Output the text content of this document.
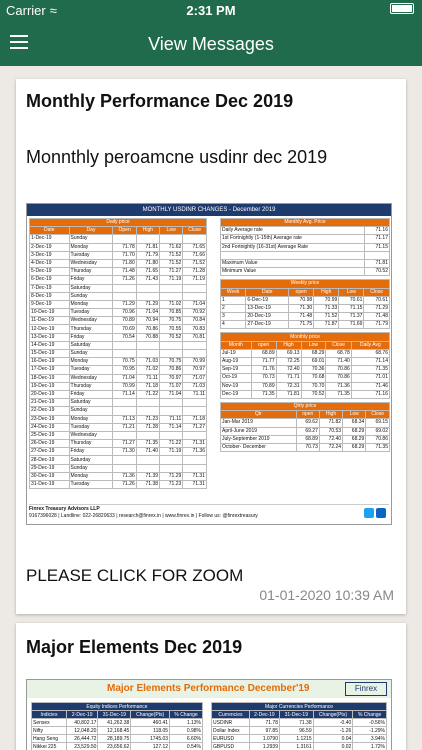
Carrier ≈	2:31 PM
View Messages
Monthly Performance Dec 2019
Monnthly peroamcne usdinr dec 2019
MONTHLY USDINR CHANGES - December 2019
Daily price					
Date	Day	Open	High	Low	Close
1-Dec-19	Sunday				
2-Dec-19	Monday	71.78	71.81	71.62	71.65
3-Dec-19	Tuesday	71.70	71.79	71.52	71.66
4-Dec-19	Wednesday	71.80	71.80	71.52	71.52
5-Dec-19	Thursday	71.48	71.65	71.27	71.28
6-Dec-19	Friday	71.26	71.43	71.19	71.19
7-Dec-19	Saturday				
8-Dec-19	Sunday				
9-Dec-19	Monday	71.29	71.29	71.02	71.04
10-Dec-19	Tuesday	70.96	71.04	70.85	70.92
11-Dec-19	Wednesday	70.89	70.94	70.75	70.84
12-Dec-19	Thursday	70.69	70.86	70.55	70.83
13-Dec-19	Friday	70.54	70.88	70.52	70.81
14-Dec-19	Saturday				
15-Dec-19	Sunday				
16-Dec-19	Monday	70.75	71.03	70.75	70.99
17-Dec-19	Tuesday	70.95	71.02	70.86	70.97
18-Dec-19	Wednesday	71.04	71.11	70.97	71.07
19-Dec-19	Thursday	70.99	71.18	71.07	71.03
20-Dec-19	Friday	71.14	71.22	71.04	71.11
21-Dec-19	Saturday				
22-Dec-19	Sunday				
23-Dec-19	Monday	71.13	71.23	71.11	71.18
24-Dec-19	Tuesday	71.21	71.28	71.14	71.27
25-Dec-19	Wednesday				
26-Dec-19	Thursday	71.27	71.35	71.22	71.31
27-Dec-19	Friday	71.30	71.40	71.19	71.36
28-Dec-19	Saturday				
29-Dec-19	Sunday				
30-Dec-19	Monday	71.36	71.39	71.29	71.31
31-Dec-19	Tuesday	71.26	71.38	71.23	71.31
Monthly Avg. Price	
Daily Average rate	71.16
1st Fortnightly (1-15th) Average rate	71.17
2nd Fortnightly (16-31st) Average Rate	71.15

Maximum Value	71.81
Minimum Value	70.52
Weekly price					
Week	Date	open	High	Low	Close
1	6-Dec-19	70.98	70.99	70.61	70.61
2	13-Dec-19	71.30	71.33	71.15	71.29
3	20-Dec-19	71.48	71.52	71.37	71.48
4	27-Dec-19	71.75	71.87	71.69	71.79
Monthly price					
Month	open	High	Low	Close	Daily Avg
Jul-19	68.89	69.13	68.29	68.78	68.76
Aug-19	71.77	72.25	69.01	71.40	71.14
Sep-19	71.76	72.40	70.36	70.86	71.35
Oct-19	70.73	71.71	70.68	70.86	71.01
Nov-19	70.89	72.31	70.70	71.36	71.46
Dec-19	71.35	71.81	70.52	71.35	71.16
Qtrly price				
Qtr	open	High	Low	Close
Jan-Mar 2019	69.62	71.82	68.34	69.15
April-June 2019	69.27	70.53	68.29	69.02
July-September 2019	68.89	72.40	68.29	70.86
October- December	70.73	72.24	68.29	71.35
Finrex Treasury Advisors LLP
9167396028 | Landline: 022-26820633 | research@finrex.in | www.finrex.in | Follow us: @finrextreasury
PLEASE CLICK FOR ZOOM
01-01-2020 10:39 AM
Major Elements Dec 2019
Major Elements Performance December'19	Finrex
Equity Indices Performance				
Indicies	2-Dec-19	31-Dec-19	Change(Pts)	% Change
Sensex	40,802.17	41,262.38	460.41	1.13%
Nifty	12,048.20	12,168.45	118.05	0.98%
Hang Seng	26,444.72	28,189.75	1745.03	6.60%
Nikkei 225	23,529.50	23,656.62	127.12	0.54%
Major Currencies Performance				
Currencies	2-Dec-19	31-Dec-19	Change(Pts)	% Change
USDINR	71.78	71.38	-0.40	-0.56%
Dollar Index	97.85	96.59	-1.26	-1.29%
EURUSD	1.0790	1.1215	0.04	3.94%
GBPUSD	1.2939	1.3161	0.02	1.72%
